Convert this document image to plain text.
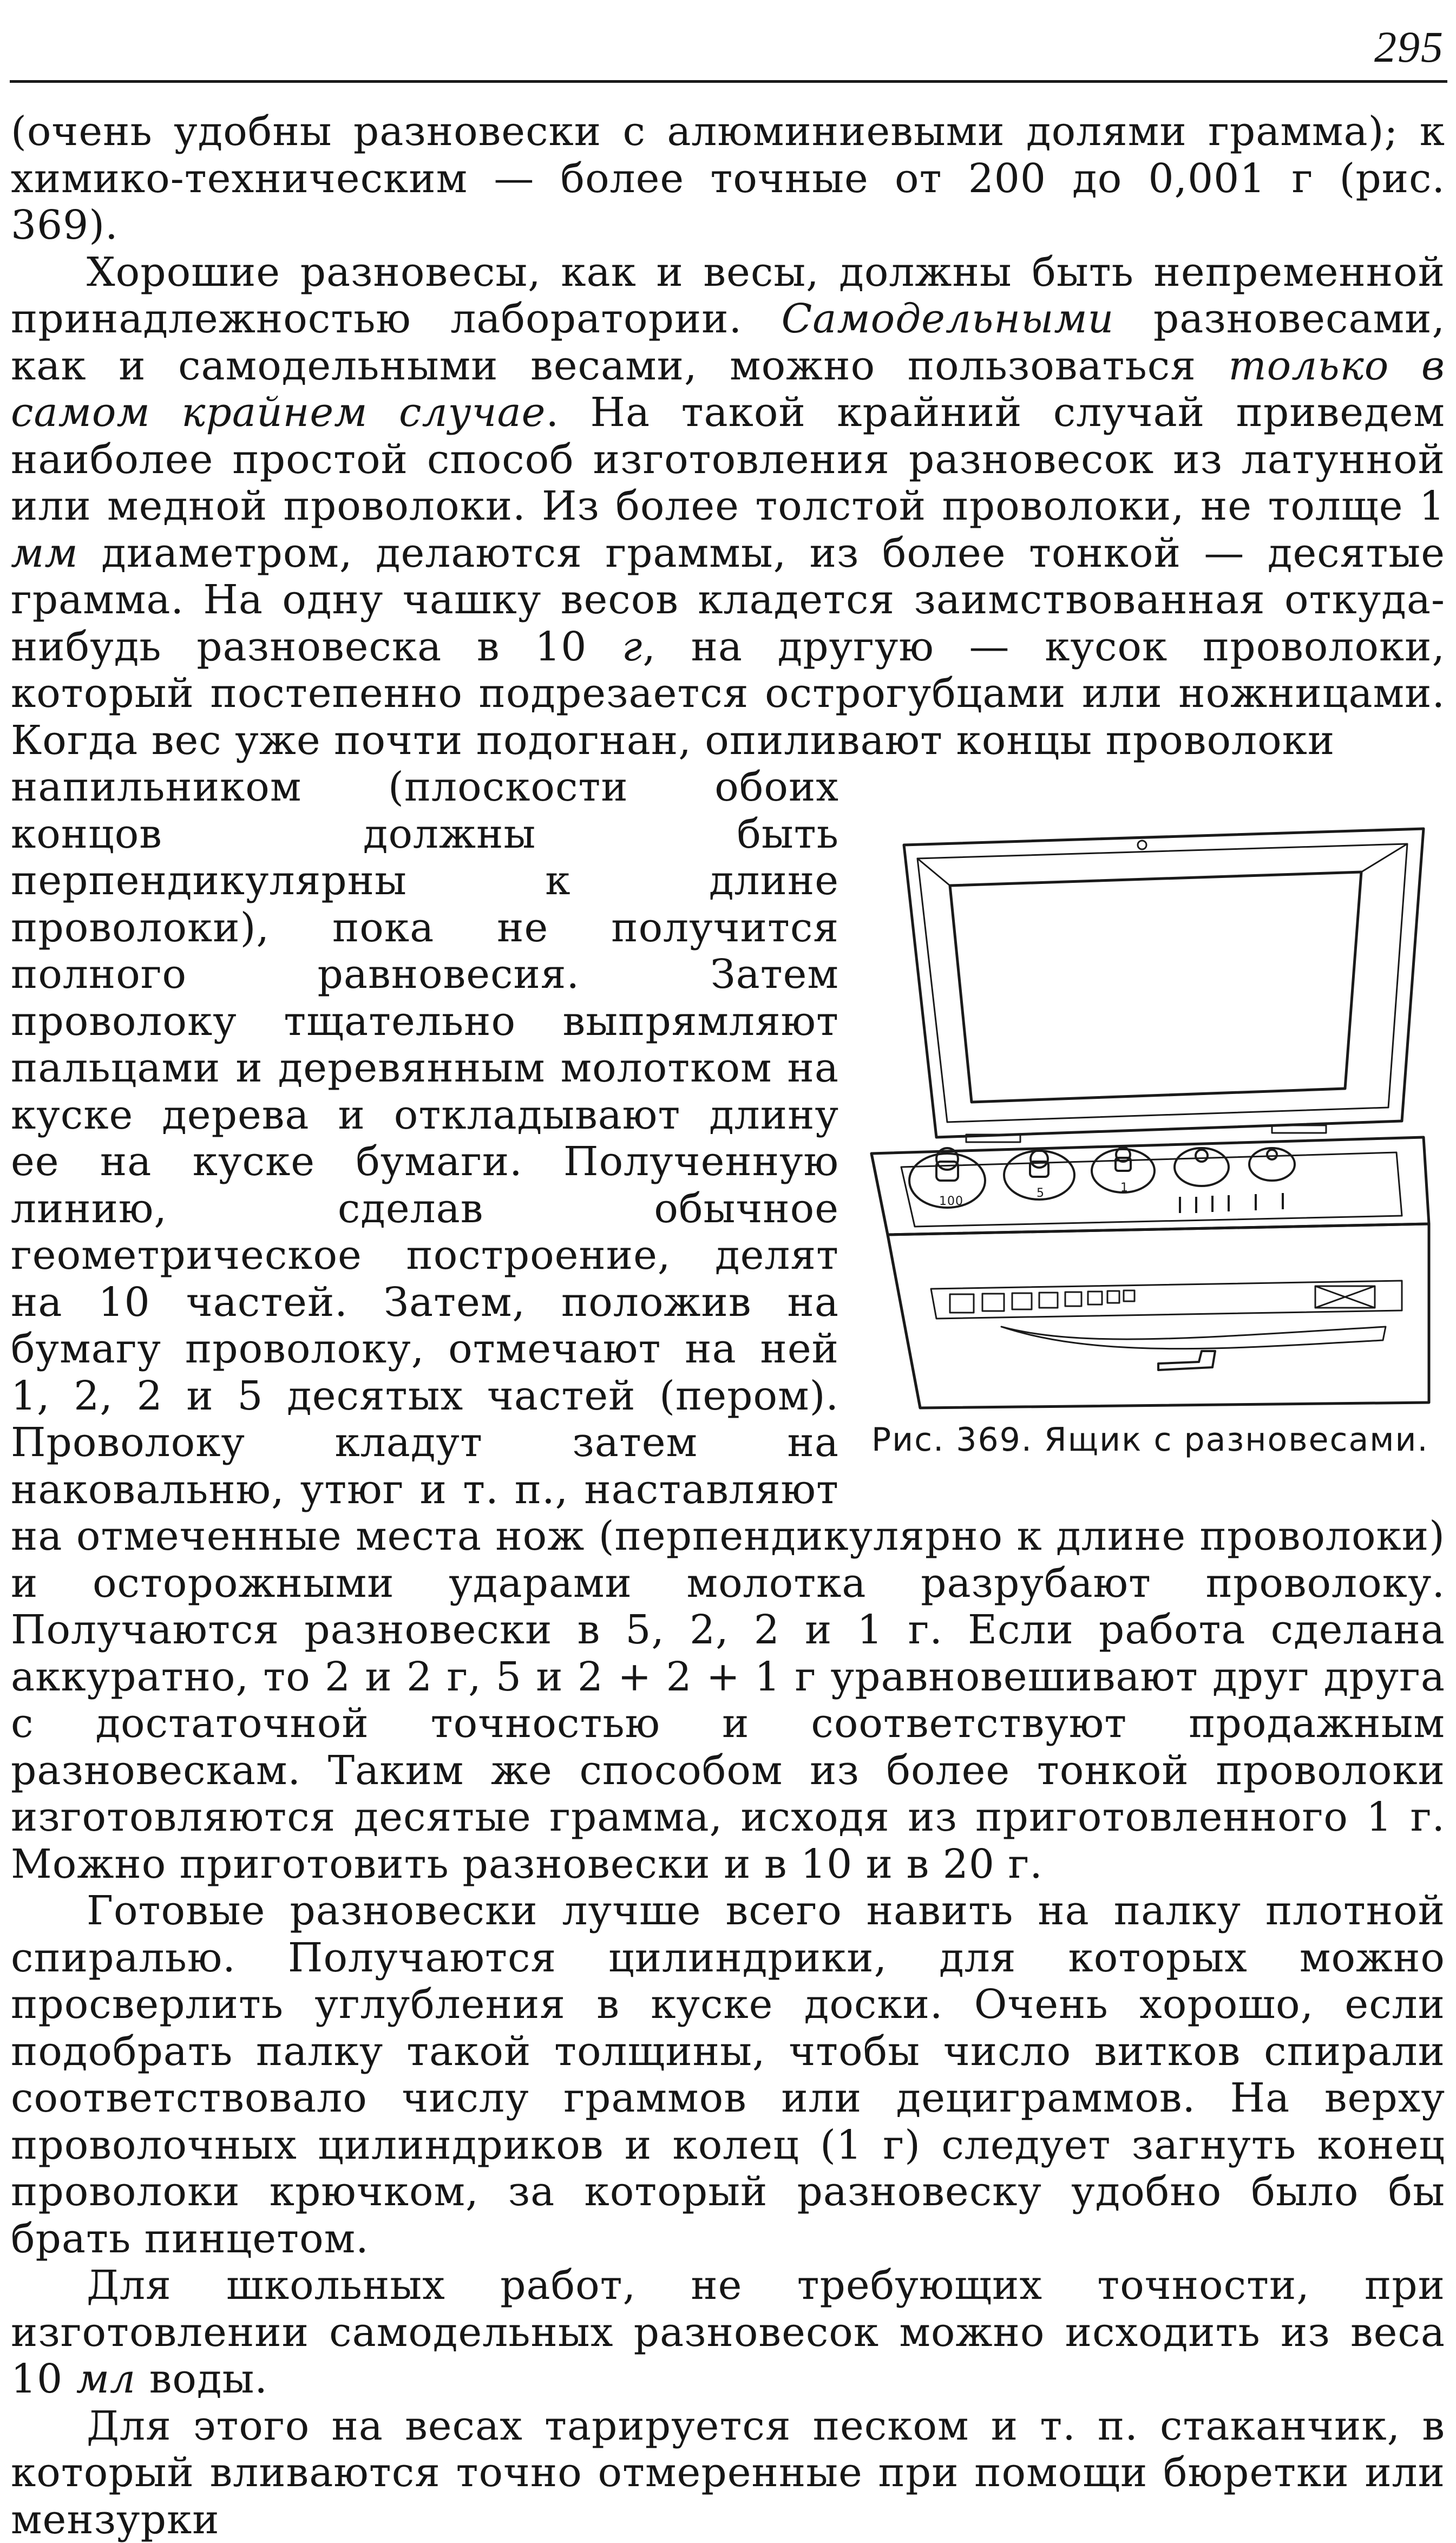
295

(очень удобны разновески с алюминиевыми долями грамма); к химико-техническим — более точные от 200 до 0,001 г (рис. 369).

Хорошие разновесы, как и весы, должны быть непременной принадлежностью лаборатории. Самодельными разновесами, как и самодельными весами, можно пользоваться только в самом крайнем случае. На такой крайний случай приведем наиболее простой способ изготовления разновесок из латунной или медной проволоки. Из более толстой проволоки, не толще 1 мм диаметром, делаются граммы, из более тонкой — десятые грамма. На одну чашку весов кладется заимствованная откуда-нибудь разновеска в 10 г, на другую — кусок проволоки, который постепенно подрезается острогубцами или ножницами. Когда вес уже почти подогнан, опиливают концы проволоки

100
5	1
Рис. 369. Ящик с разновесами.

напильником (плоскости обоих концов должны быть перпендикулярны к длине проволоки), пока не получится полного равновесия. Затем проволоку тщательно выпрямляют пальцами и деревянным молотком на куске дерева и откладывают длину ее на куске бумаги. Полученную линию, сделав обычное геометрическое построение, делят на 10 частей. Затем, положив на бумагу проволоку, отмечают на ней 1, 2, 2 и 5 десятых частей (пером). Проволоку кладут затем на наковальню, утюг и т. п., наставляют на отмеченные места нож (перпендикулярно к длине проволоки) и осторожными ударами молотка разрубают проволоку. Получаются разновески в 5, 2, 2 и 1 г. Если работа сделана аккуратно, то 2 и 2 г, 5 и 2 + 2 + 1 г уравновешивают друг друга с достаточной точностью и соответствуют продажным разновескам. Таким же способом из более тонкой проволоки изготовляются десятые грамма, исходя из приготовленного 1 г. Можно приготовить разновески и в 10 и в 20 г.

Готовые разновески лучше всего навить на палку плотной спиралью. Получаются цилиндрики, для которых можно просверлить углубления в куске доски. Очень хорошо, если подобрать палку такой толщины, чтобы число витков спирали соответствовало числу граммов или дециграммов. На верху проволочных цилиндриков и колец (1 г) следует загнуть конец проволоки крючком, за который разновеску удобно было бы брать пинцетом.

Для школьных работ, не требующих точности, при изготовлении самодельных разновесок можно исходить из веса 10 мл воды.

Для этого на весах тарируется песком и т. п. стаканчик, в который вливаются точно отмеренные при помощи бюретки или мензурки
